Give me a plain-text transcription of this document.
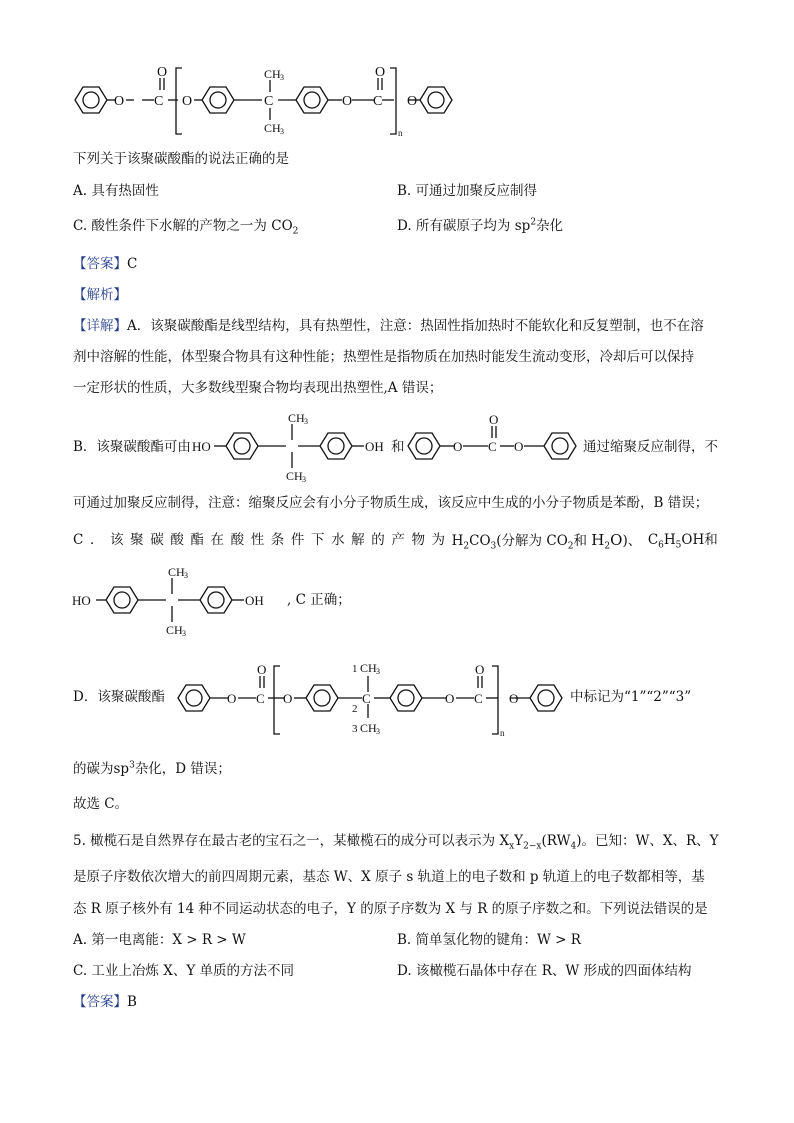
O C
O
O	C
CH 3
CH 3
O C
O
n
O
下列关于该聚碳酸酯的说法正确的是
A. 具有热固性	B. 可通过加聚反应制得
C. 酸性条件下水解的产物之一为 $CO_2$	D. 所有碳原子均为 $sp^2$杂化
【答案】C
【解析】
【详解】A．该聚碳酸酯是线型结构，具有热塑性，注意：热固性指加热时不能软化和反复塑制，也不在溶
剂中溶解的性能，体型聚合物具有这种性能；热塑性是指物质在加热时能发生流动变形，冷却后可以保持
一定形状的性质，大多数线型聚合物均表现出热塑性,A 错误；
B．该聚碳酸酯可由 HO
CH 3
CH 3
OH 和	O C
O
O	通过缩聚反应制得，不
可通过加聚反应制得，注意：缩聚反应会有小分子物质生成，该反应中生成的小分子物质是苯酚，B 错误；
C ． 该 聚 碳 酸 酯 在 酸 性 条 件 下 水 解 的 产 物 为 $H_2CO_3$(分解为 $CO_2$和 $H_2O$)、 $C_6H_5OH$和
HO
CH 3
CH 3
OH , C 正确；
D．该聚碳酸酯	O C
O
O	C
1 CH 3
2
3 CH 3
O C
O
n
O	中标记为“1”“2”“3”
的碳为$sp^3$杂化，D 错误；
故选 C。
5. 橄榄石是自然界存在最古老的宝石之一，某橄榄石的成分可以表示为 $X_xY_{2-x}(RW_4)$。已知：W、X、R、Y
是原子序数依次增大的前四周期元素，基态 W、X 原子 s 轨道上的电子数和 p 轨道上的电子数都相等，基
态 R 原子核外有 14 种不同运动状态的电子，Y 的原子序数为 X 与 R 的原子序数之和。下列说法错误的是
A. 第一电离能：X > R > W	B. 简单氢化物的键角：W > R
C. 工业上冶炼 X、Y 单质的方法不同	D. 该橄榄石晶体中存在 R、W 形成的四面体结构
【答案】B
